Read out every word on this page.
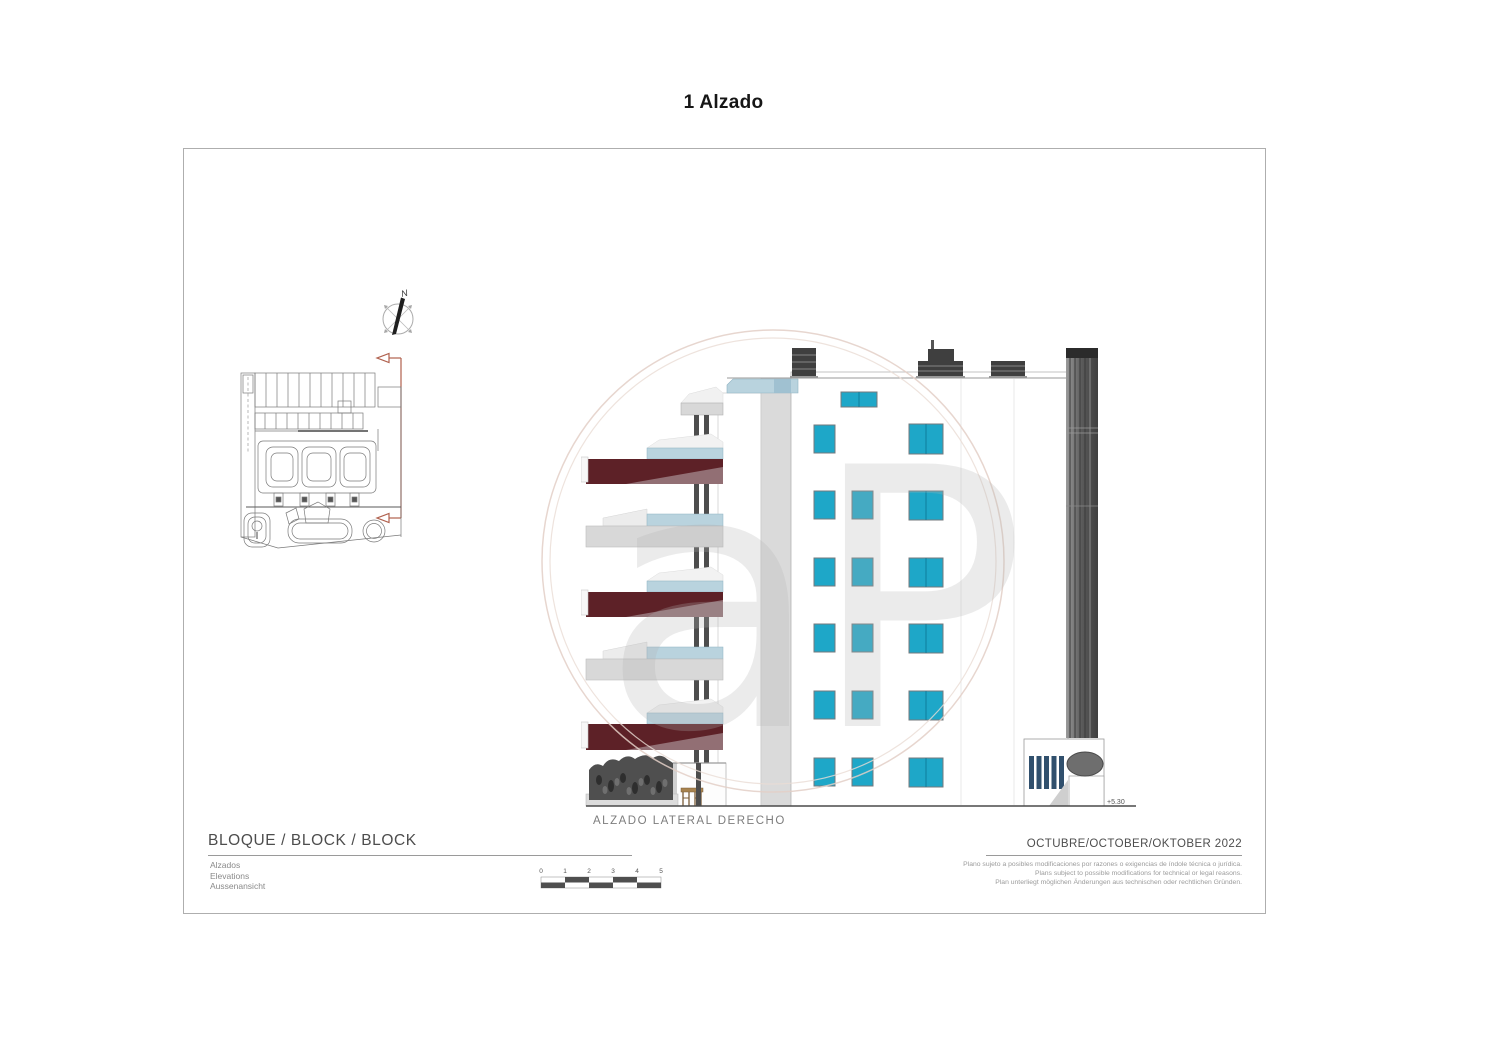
1 Alzado
N
+5.30
ALZADO LATERAL DERECHO
aP
BLOQUE / BLOCK / BLOCK
Alzados
Elevations
Aussenansicht
0	1	2	3	4	5
OCTUBRE/OCTOBER/OKTOBER 2022
Plano sujeto a posibles modificaciones por razones o exigencias de índole técnica o jurídica.
Plans subject to possible modifications for technical or legal reasons.
Plan unterliegt möglichen Änderungen aus technischen oder rechtlichen Gründen.
